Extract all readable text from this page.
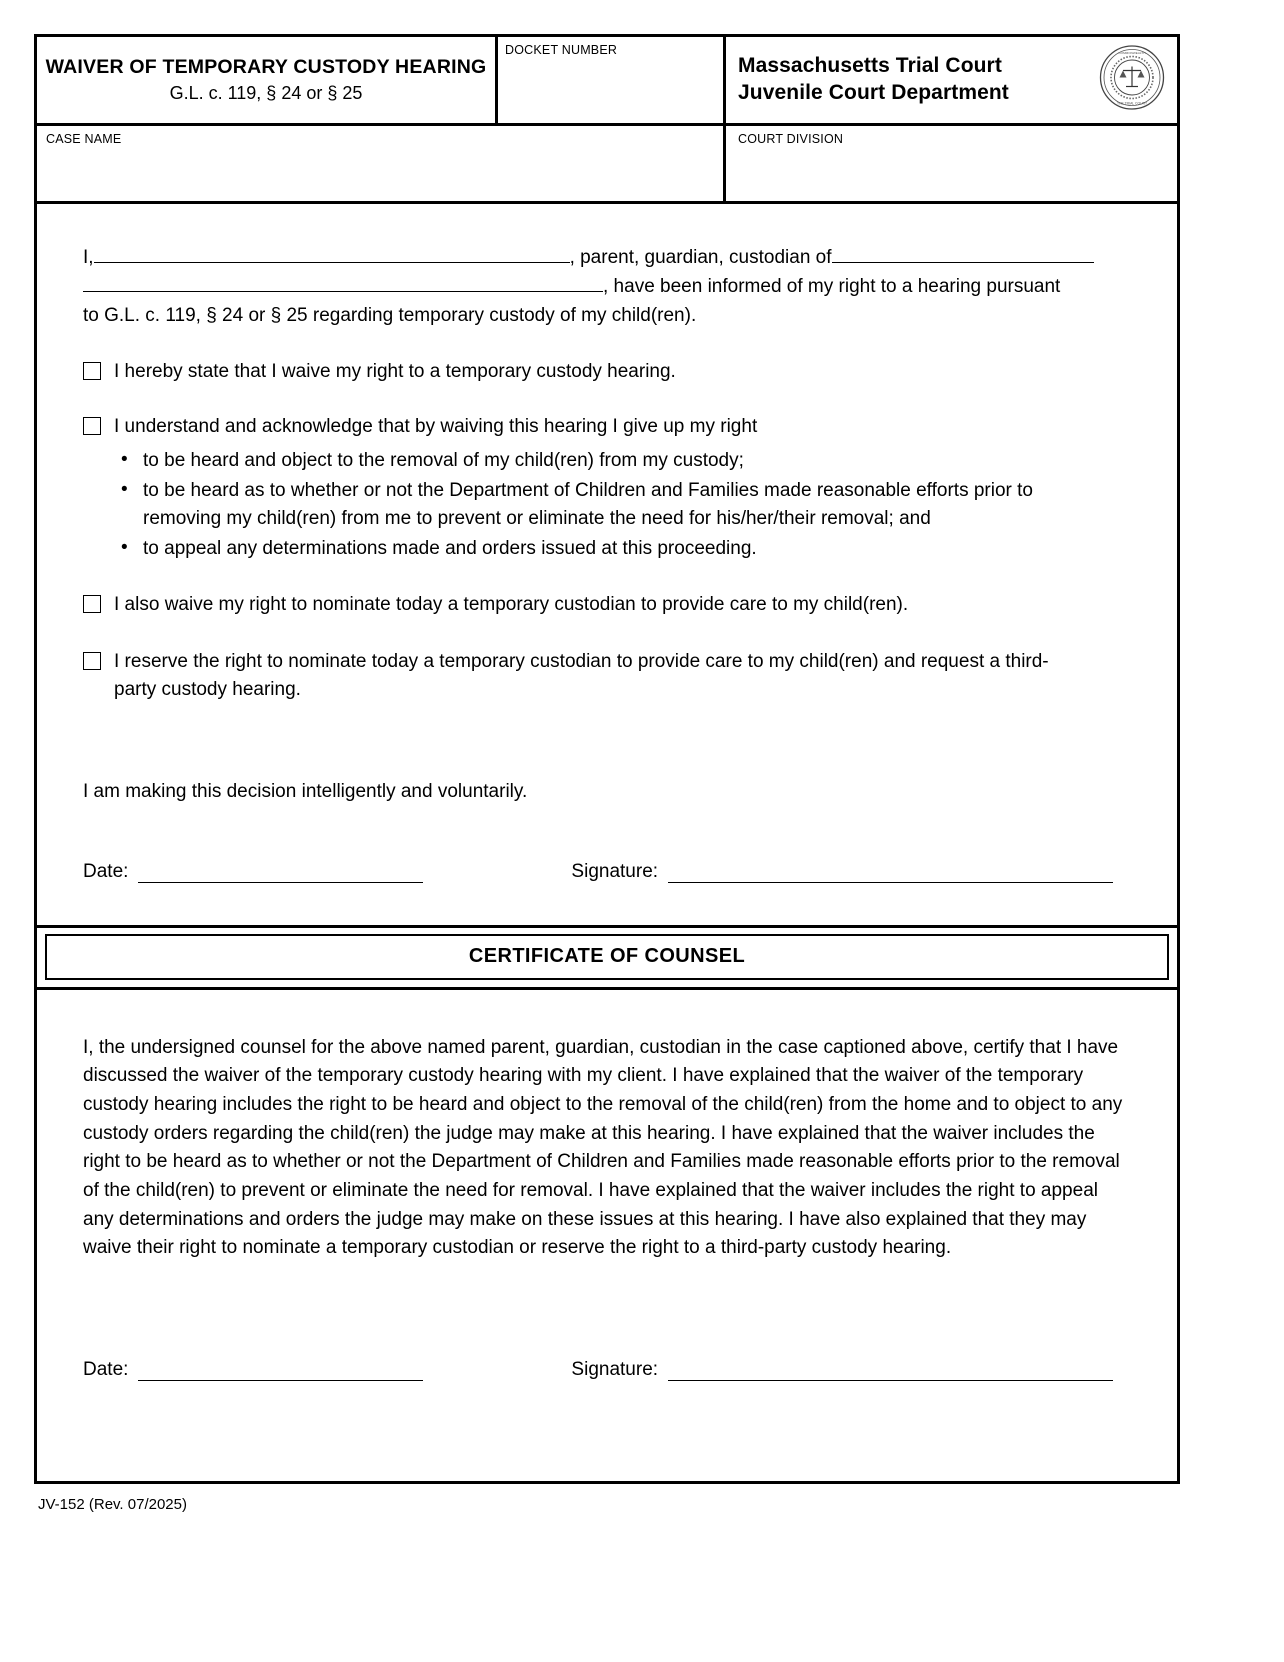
WAIVER OF TEMPORARY CUSTODY HEARING
G.L. c. 119, § 24 or § 25
DOCKET NUMBER
Massachusetts Trial Court
Juvenile Court Department
COMMONWEALTH
THE TRIAL COURT
CASE NAME	COURT DIVISION
I,	, parent, guardian, custodian of
, have been informed of my right to a hearing pursuant
to G.L. c. 119, § 24 or § 25 regarding temporary custody of my child(ren).
I hereby state that I waive my right to a temporary custody hearing.
I understand and acknowledge that by waiving this hearing I give up my right
• to be heard and object to the removal of my child(ren) from my custody;
• to be heard as to whether or not the Department of Children and Families made reasonable efforts prior to removing my child(ren) from me to prevent or eliminate the need for his/her/their removal; and
• to appeal any determinations made and orders issued at this proceeding.
I also waive my right to nominate today a temporary custodian to provide care to my child(ren).
I reserve the right to nominate today a temporary custodian to provide care to my child(ren) and request a third-party custody hearing.
I am making this decision intelligently and voluntarily.
Date:	Signature:
CERTIFICATE OF COUNSEL
I, the undersigned counsel for the above named parent, guardian, custodian in the case captioned above, certify that I have discussed the waiver of the temporary custody hearing with my client. I have explained that the waiver of the temporary custody hearing includes the right to be heard and object to the removal of the child(ren) from the home and to object to any custody orders regarding the child(ren) the judge may make at this hearing. I have explained that the waiver includes the right to be heard as to whether or not the Department of Children and Families made reasonable efforts prior to the removal of the child(ren) to prevent or eliminate the need for removal. I have explained that the waiver includes the right to appeal any determinations and orders the judge may make on these issues at this hearing. I have also explained that they may waive their right to nominate a temporary custodian or reserve the right to a third-party custody hearing.
Date:	Signature:
JV-152 (Rev. 07/2025)
